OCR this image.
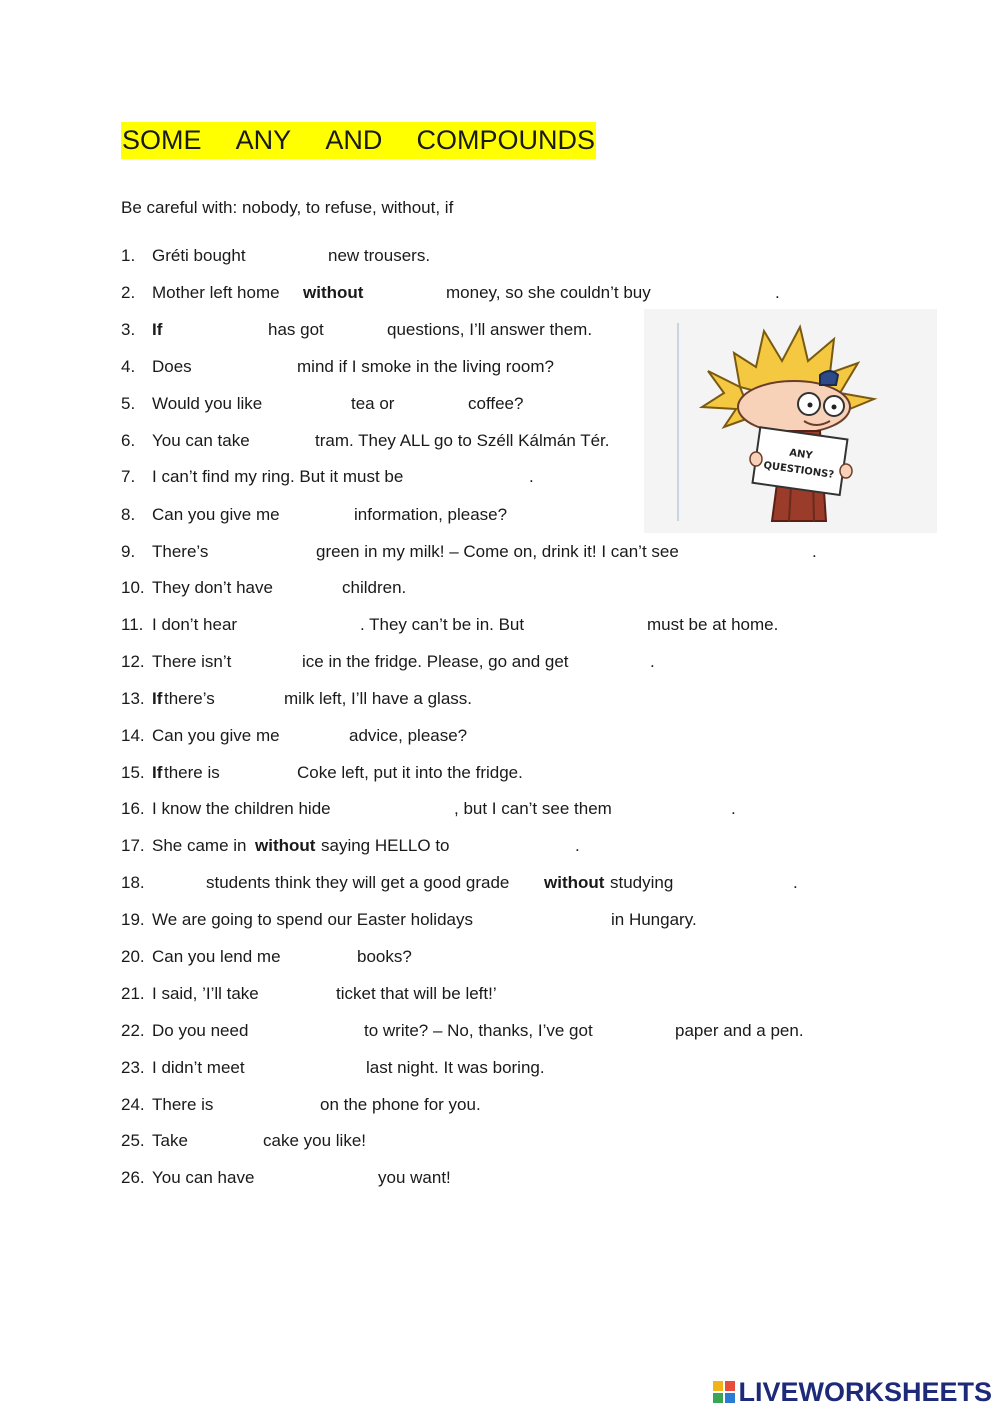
SOME ANY AND COMPOUNDS
Be careful with: nobody, to refuse, without, if
1. Gréti bought	new trousers.
2. Mother left home without	money, so she couldn’t buy	.
3. If	has got	questions, I’ll answer them.
4. Does	mind if I smoke in the living room?
5. Would you like	tea or	coffee?
6. You can take	tram. They ALL go to Széll Kálmán Tér.
7. I can’t find my ring. But it must be	.
8. Can you give me	information, please?
9. There’s	green in my milk! – Come on, drink it! I can’t see	.
10. They don’t have	children.
11. I don’t hear	. They can’t be in. But	must be at home.
12. There isn’t	ice in the fridge. Please, go and get	.
13. If there’s	milk left, I’ll have a glass.
14. Can you give me	advice, please?
15. If there is	Coke left, put it into the fridge.
16. I know the children hide	, but I can’t see them	.
17. She came in without saying HELLO to	.
18.	students think they will get a good grade without studying	.
19. We are going to spend our Easter holidays	in Hungary.
20. Can you lend me	books?
21. I said, ’I’ll take	ticket that will be left!’
22. Do you need	to write? – No, thanks, I’ve got	paper and a pen.
23. I didn’t meet	last night. It was boring.
24. There is	on the phone for you.
25. Take	cake you like!
26. You can have	you want!
ANY
QUESTIONS?
LIVEWORKSHEETS
